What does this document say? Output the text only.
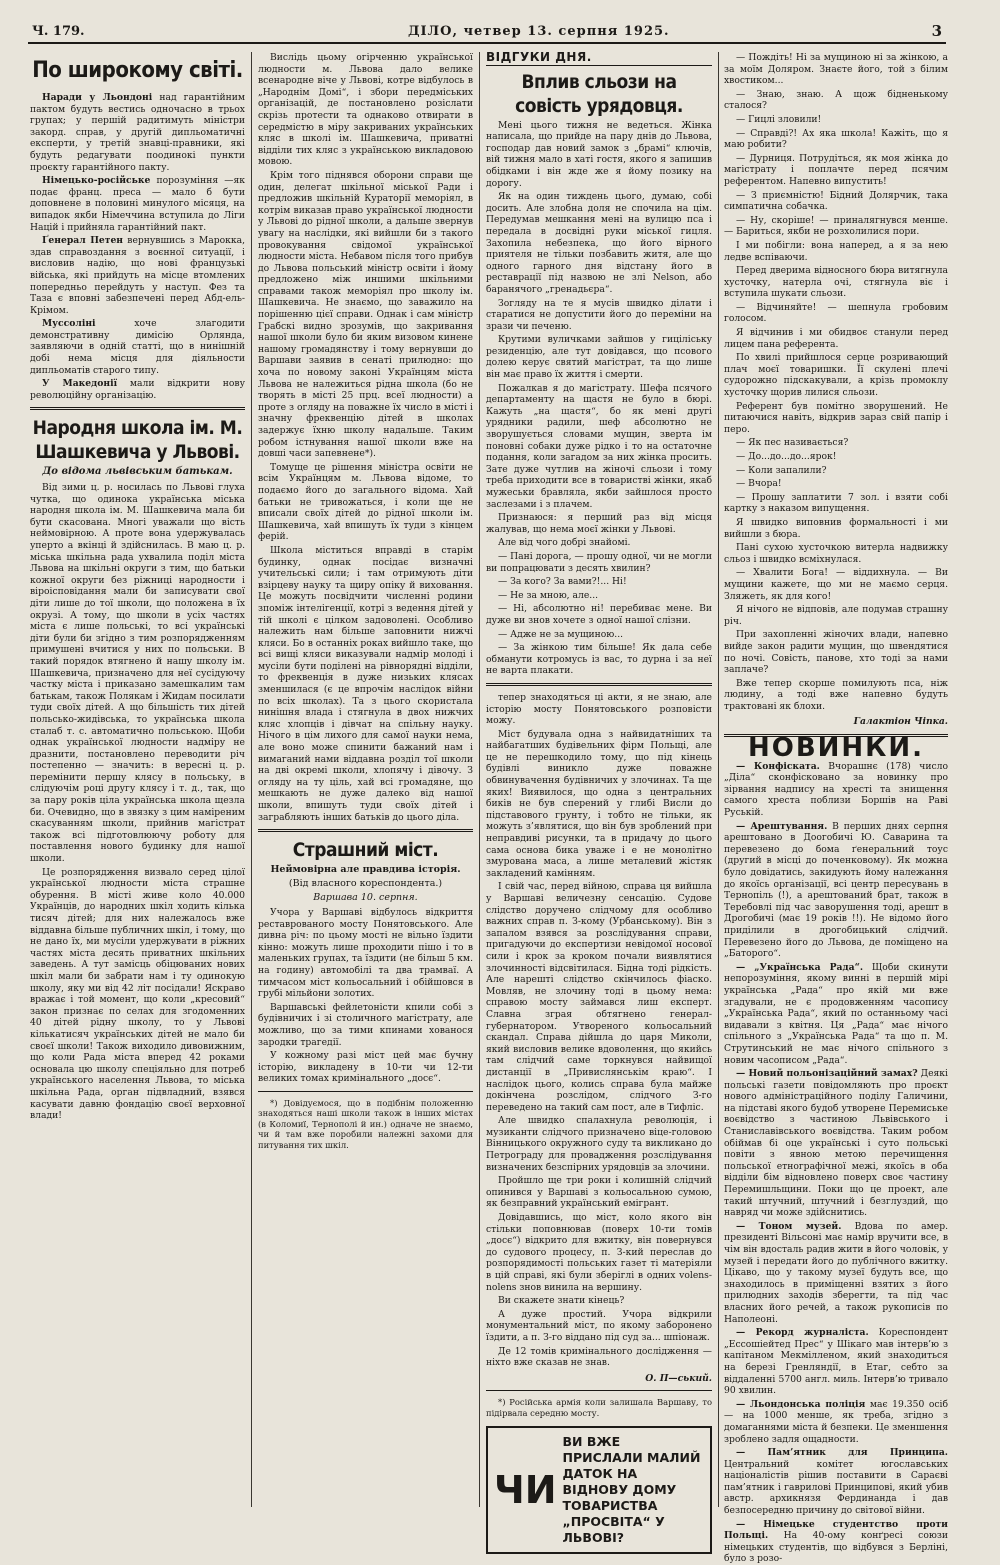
Ч. 179.	ДІЛО, четвер 13. серпня 1925.	3
По широкому світі.

Наради у Льондоні над гарантійним пактом будуть вестись одночасно в трьох групах; у першій радитимуть міністри закорд. справ, у другій дипльоматичні експерти, у третій знавці-правники, які будуть редагувати поодинокі пункти проєкту гарантійного пакту.

Німецько-російське порозуміння —як подає франц. преса — мало б бути доповнене в половині минулого місяця, на випадок якби Німеччина вступила до Ліги Націй і прийняла гарантійний пакт.

Ґенерал Петен вернувшись з Марокка, здав справоздання з воєнної ситуації, і висловив надію, що нові французькі війська, які прийдуть на місце втомлених попередньо перейдуть у наступ. Фез та Таза є вповні забезпечені перед Абд-ель-Крімом.

Муссоліні хоче злагодити демонстративну димісію Орлянда, заявляючи в одній статті, що в нинішній добі нема місця для діяльности дипльоматів старого типу.

У Македонії мали відкрити нову революційну організацію.

Народня школа ім. М. Шашкевича у Львові.
До відома львівським батькам.

Від зими ц. р. носилась по Львові глуха чутка, що одинока українська міська народня школа ім. М. Шашкевича мала би бути скасована. Многі уважали що вість неймовірною. А проте вона удержувалась уперто а вкінці й здійснилась. В маю ц. р. міська шкільна рада ухвалила поділ міста Львова на шкільні округи з тим, що батьки кожної округи без ріжниці народности і віроісповідання мали би записувати свої діти лише до тої школи, що положена в їх окрузі. А тому, що школи в усіх частях міста є лише польські, то всі українські діти були би згідно з тим розпорядженням примушені вчитися у них по польськи. В такий порядок втягнено й нашу школу ім. Шашкевича, призначено для неї сусідуючу частку міста і приказано замешкалим там батькам, також Полякам і Жидам посилати туди своїх дітей. А що більшість тих дітей польсько-жидівська, то українська школа сталаб т. с. автоматично польською. Щоби однак української людности надміру не дразнити, постановлено переводити річ постепенно — значить: в вересні ц. р. перемінити першу клясу в польську, в слідуючім році другу клясу і т. д., так, що за пару років ціла українська школа щезла би. Очевидно, що в звязку з цим наміреним скасуванням школи, прийнив магістрат також всі підготовлюючу роботу для поставлення нового будинку для нашої школи.

Це розпорядження визвало серед цілої української людности міста страшне обурення. В місті живе коло 40.000 Українців, до народних шкіл ходить кілька тисяч дітей; для них належалось вже віддавна більше публичних шкіл, і тому, що не дано їх, ми мусіли удержувати в ріжних частях міста десять приватних шкільних заведень. А тут замісць обіцюваних нових шкіл мали би забрати нам і ту одинокую школу, яку ми від 42 літ посідали! Яскраво вражає і той момент, що коли „кресовий“ закон признає по селах для згодоменних 40 дітей рідну школу, то у Львові кількатисяч українських дітей не мало би своєї школи! Також виходило дивовижним, що коли Рада міста вперед 42 роками основала цю школу спеціяльно для потреб українського населення Львова, то міська шкільна Рада, орган підвладний, взявся касувати давню фондацію своєї верховної влади!

Вислідь цьому огірченню української людности м. Львова дало велике всенародне віче у Львові, котре відбулось в „Народнім Домі“, і збори передміських організацій, де постановлено розіслати скрізь протести та однаково отвирати в середмістю в міру закриваних українських кляс в школі ім. Шашкевича, приватні відділи тих кляс з українською викладовою мовою.

Крім того піднявся оборони справи ще один, делегат шкільної міської Ради і предложив шкільній Кураторії меморіял, в котрім виказав право української людности у Львові до рідної школи, а дальше звернув увагу на наслідки, які вийшли би з такого провокування свідомої української людности міста. Небавом після того прибув до Львова польський міністр освіти і йому предложено між иншими шкільними справами також меморіял про школу ім. Шашкевича. Не знаємо, що заважило на порішенню цієї справи. Однак і сам міністр Грабскі видно зрозумів, що закривання нашої школи було би яким визовом кинене нашому громадянству і тому вернувши до Варшави заявив в сенаті прилюдно: що хоча по новому законі Українцям міста Львова не належиться рідна школа (бо не творять в місті 25 прц. всеї людности) а проте з огляду на поважне їх число в місті і значну фреквенцію дітей в школах задержує їхню школу надальше. Таким робом істнування нашої школи вже на довші часи запевнене*).

Томуще це рішення міністра освіти не всім Українцям м. Львова відоме, то подаємо його до загального відома. Хай батьки не тривожаться, і коли ще не вписали своїх дітей до рідної школи ім. Шашкевича, хай впишуть їх туди з кінцем ферій.

Школа міститься вправді в старім будинку, однак посідає визначні учительські сили; і там отримують діти взірцеву науку та щиру опіку й виховання. Це можуть посвідчити численні родини зпоміж інтелігенції, котрі з ведення дітей у тій школі є цілком задоволені. Особливо належить нам більше заповнити нижчі кляси. Бо в останніх роках вийшло таке, що всі вищі кляси виказували надмір молоді і мусіли бути поділені на рівнорядні відділи, то фреквенція в дуже низьких клясах зменшилася (є це впрочім наслідок війни по всіх школах). Та з цього скористала нинішня влада і стягнула в двох нижчих кляс хлопців і дівчат на спільну науку. Нічого в цім лихого для самої науки нема, але воно може спинити бажаний нам і вимаганий нами віддавна розділ тої школи на дві окремі школи, хлопячу і дівочу. З огляду на ту ціль, хай всі громадяне, що мешкають не дуже далеко від нашої школи, впишуть туди своїх дітей і заграбляють інших батьків до цього діла.

Страшний міст.
Неймовірна але правдива історія.
(Від власного кореспондента.)
Варшава 10. серпня.

Учора у Варшаві відбулось відкриття реставрованого мосту Понятовського. Але дивна річ: по цьому мості не вільно їздити кінно: можуть лише проходити пішо і то в маленьких групах, та їздити (не більш 5 км. на годину) автомобілі та два трамваї. А тимчасом міст кольосальний і обійшовся в грубі мільйони золотих.

Варшавські фейлетоністи кпили собі з будівничих і зі столичного магістрату, але можливо, що за тими кпинами хованося зародки трагедії.

У кожному разі міст цей має бучну історію, викладену в 10-ти чи 12-ти великих томах кримінального „досє“.

*) Довідуємося, що в подібнім положенню знаходяться наші школи також в інших містах (в Коломиї, Тернополі й ин.) одначе не знаємо, чи й там вже поробили належні захоми для питування тих шкіл.

ВІДГУКИ ДНЯ.
Вплив сльози на совість урядовця.

Мені цього тижня не ведеться. Жінка написала, що прийде на пару днів до Львова, господар дав новий замок з „брамі“ ключів, вій тижня мало в хаті гостя, якого я запишив обідками і він жде же я йому позику на дорогу.

Як на один тиждень цього, думаю, собі досить. Але злобна доля не спочила на цім. Передумав мешкання мені на вулицю пса і передала в досвідні руки міської гицля. Захопила небезпека, що його вірного приятеля не тільки позбавить житя, але що одного гарного дня відстану його в реставрації під назвою не злі Nelson, або баранячого „гренадьєра“.

Зогляду на те я мусів швидко ділати і старатися не допустити його до переміни на зрази чи печеню.

Крутими вуличками зайшов у гиціліську резиденцію, але тут довідався, що псового долею керує святий магістрат, та що лише він має право їх життя і смерти.

Пожалкав я до магістрату. Шефа псячого департаменту на щастя не було в бюрі. Кажуть „на щастя“, бо як мені другі урядники радили, шеф абсолютно не зворушується словами мущин, зверта ім поновні собаки дуже рідко і то на остаточне подання, коли загадом за них жінка просить. Зате дуже чутлив на жіночі сльози і тому треба приходити все в товаристві жінки, якаб мужеськи бравляла, якби зайшлося просто заслезами і з плачем.

Признаюся: я перший раз від місця жалував, що нема моєї жінки у Львові.

Але від чого добрі знайомі.

— Пані дорога, — прошу одної, чи не могли ви попрацювати з десять хвилин?

— За кого? За вами?!... Ні!

— Не за мною, але...

— Ні, абсолютно ні! перебиває мене. Ви дуже ви знов хочете з одної нашої слізни.

— Адже не за мущиною...

— За жінкою тим більше! Як дала себе обманути котромусь із вас, то дурна і за неї не варта плакати.

тепер знаходяться ці акти, я не знаю, але історію мосту Понятовського розповісти можу.

Міст будувала одна з найвидатніших та найбагатших будівельних фірм Польщі, але це не перешкодило тому, що під кінець будівлі виникло дуже поважне обвинувачення будівничих у злочинах. Та ще яких! Виявилося, що одна з центральних биків не був сперений у глибі Висли до підставового грунту, і тобто не тільки, як можуть з’являтися, що він був зроблений при неправдиві рисунки, та в придачу до цього сама основа бика уваже і е не монолітно змурована маса, а лише металевий жістяк закладений камінням.

І свій час, перед війною, справа ця вийшла у Варшаві величезну сенсацію. Судове слідство доручено слідчому для особливо важних справ п. З-кому (Урбанському). Він з запалом взявся за розслідування справи, пригадуючи до експертизи невідомої носової сили і крок за кроком почали виявлятися злочинності відсвітилася. Бідна тоді рідкість. Але нарешті слідство скінчилось фіаско. Мовляв, не злочину тоді в цьому нема: справою мосту займався лиш експерт. Славна зграя обтягнено генерал-губернатором. Утвореного кольосальний скандал. Справа дійшла до царя Миколи, який висловив велике вдоволення, що якийсь там слідчий саме торкнувся найвищої дистанції в „Привислянськім краю“. І наслідок цього, колись справа була майже докінчена розслідом, слідчого З-го переведено на такий сам пост, але в Тифліс.

Але швидко спалахнула революція, і музиканти слідчого призначено віце-головою Вінницького окружного суду та викликано до Петрограду для провадження розслідування визначених безспірних урядовців за злочини.

Пройшло ще три роки і колишній слідчий опинився у Варшаві з кольосальною сумою, як безправний український емігрант.

Довідавшись, що міст, коло якого він стільки поповнював (поверх 10-ти томів „досє“) відкрито для вжитку, він повернувся до судового процесу, п. З-кий переслав до розпорядимості польських газет ті матеріяли в цій справі, які були зберіглі в одних volens-nolens знов винила на вершину.

Ви скажете знати кінець?

А дуже простий. Учора відкрили монументальний міст, по якому заборонено їздити, а п. З-го віддано під суд за... шпіонаж.

Де 12 томів кримінального дослідження — ніхто вже сказав не знав.

О. П—ський.

*) Російська армія коли залишала Варшаву, то підірвала середню мосту.

ЧИ
ВИ ВЖЕ ПРИСЛАЛИ МАЛИЙ
ДАТОК НА ВІДНОВУ ДОМУ
ТОВАРИСТВА „ПРОСВІТА“ У ЛЬВОВІ?

— Пождіть! Ні за мущиною ні за жінкою, а за моїм Доляром. Знаєте його, той з білим хвостиком...

— Знаю, знаю. А щож бідненькому сталося?

— Гицлі зловили!

— Справді?! Ах яка школа! Кажіть, що я маю робити?

— Дурниця. Потрудіться, як моя жінка до магістрату і поплачте перед псячим референтом. Напевно випустить!

— З приємністю! Бідний Долярчик, така симпатична собачка.

— Ну, скоріше! — приналягнувся менше. — Бариться, якби не розхолилися пори.

І ми побігли: вона наперед, а я за нею ледве вспіваючи.

Перед дверима відносного бюра витягнула хусточку, натерла очі, стягнула віє і вступила шукати сльози.

— Відчиняйте! — шепнула гробовим голосом.

Я відчинив і ми обидвоє станули перед лицем пана референта.

По хвилі прийшлося серце розривающий плач моєї товаришки. Її скулені плечі судорожно підскакували, а крізь промоклу хусточку щорив лилися сльози.

Референт був помітно зворушений. Не питаючися навіть, відкрив зараз свій папір і перо.

— Як пес називається?

— До...до...до...ярок!

— Коли запалили?

— Вчора!

— Прошу заплатити 7 зол. і взяти собі картку з наказом випущення.

Я швидко виповнив формальності і ми вийшли з бюра.

Пані сухою хусточкою витерла надвижку сльоз і швидко всміхнулася.

— Хвалити Бога! — віддихнула. — Ви мущини кажете, що ми не маємо серця. Зляжеть, як для кого!

Я нічого не відповів, але подумав страшну річ.

При захопленні жіночих влади, напевно вийде закон радити мущин, що швендятися по ночі. Совість, панове, хто тоді за нами заплаче?

Вже тепер скорше помилують пса, ніж людину, а тоді вже напевно будуть трактовані як блохи.

Галактіон Чіпка.
НОВИНКИ.

— Конфіската. Вчорашнє (178) число „Діла“ сконфісковано за новинку про зірвання надпису на хресті та знищення самого хреста поблизи Боршів на Раві Руській.

— Арештування. В перших днях серпня арештовано в Доогобичі Ю. Саварина та перевезено до бома ґенеральний тоус (другий в місці до поченковому). Як можна було довідатись, закидують йому належання до якоїсь організації, всі центр пересувань в Тернопіль (!), а арештований брат, також в Теребовлі під час заворушення тоді, арешт в Дрогобичі (має 19 років !!). Не відомо його приділили в дрогобицький слідчий. Перевезено його до Львова, де поміщено на „Баторого“.

— „Українська Рада“. Щоби скинути непорозуміння, якому винні в першій мірі українська „Рада“ про якій ми вже згадували, не є продовженням часопису „Українська Рада“, який по останньому часі видавали з квітня. Ця „Рада“ має нічого спільного з „Українська Рада“ та що п. М. Струтинський не має нічого спільного з новим часописом „Рада“.

— Новий польонізаційний замах? Деякі польські газети повідомляють про проєкт нового адміністраційного поділу Галичини, на підставі якого будоб утворене Перемиське воєвідство з частиною Львівського і Станиславівського воєвідства. Таким робом обіймав бі оце українські і суто польські повіти з явною метою перечищення польської етнографічної межі, якоїсь в оба відділи бім відновлено поверх своє частину Перемишльщини. Поки що це проект, але такий штучний, штучний і безглуздий, що навряд чи може здійснитись.

— Тоном музей. Вдова по амер. президенті Вільсоні має намір вручити все, в чім він вдосталь радив жити в його чоловік, у музей і передати його до публічного вжитку. Цікаво, що у такому музеї будуть все, що знаходилось в приміщенні взятих з його прилюдних заходів зберегти, та під час власних його речей, а також рукописів по Наполеоні.

— Рекорд журналіста. Кореспондент „Ессошіейтед Прес“ у Шікаго мав інтерв’ю з капітаном Мекмілленом, який знаходиться на березі Гренляндії, в Етаг, себто за віддаленні 5700 англ. миль. Інтерв’ю тривало 90 хвилин.

— Льондонська поліція має 19.350 осіб — на 1000 менше, як треба, згідно з домаганнями міста й безпеки. Це зменшення зроблено задля ощадности.

— Пам’ятник для Принципа. Центральний комітет югославських націоналістів рішив поставити в Сараєві пам’ятник і гаврилові Принципові, який убив австр. архикнязя Фердинанда і дав безпосередню причину до світової війни.

— Німецьке студентство проти Польщі. На 40-ому конґресі союзи німецьких студентів, що відбувся з Берліні, було з розо-
